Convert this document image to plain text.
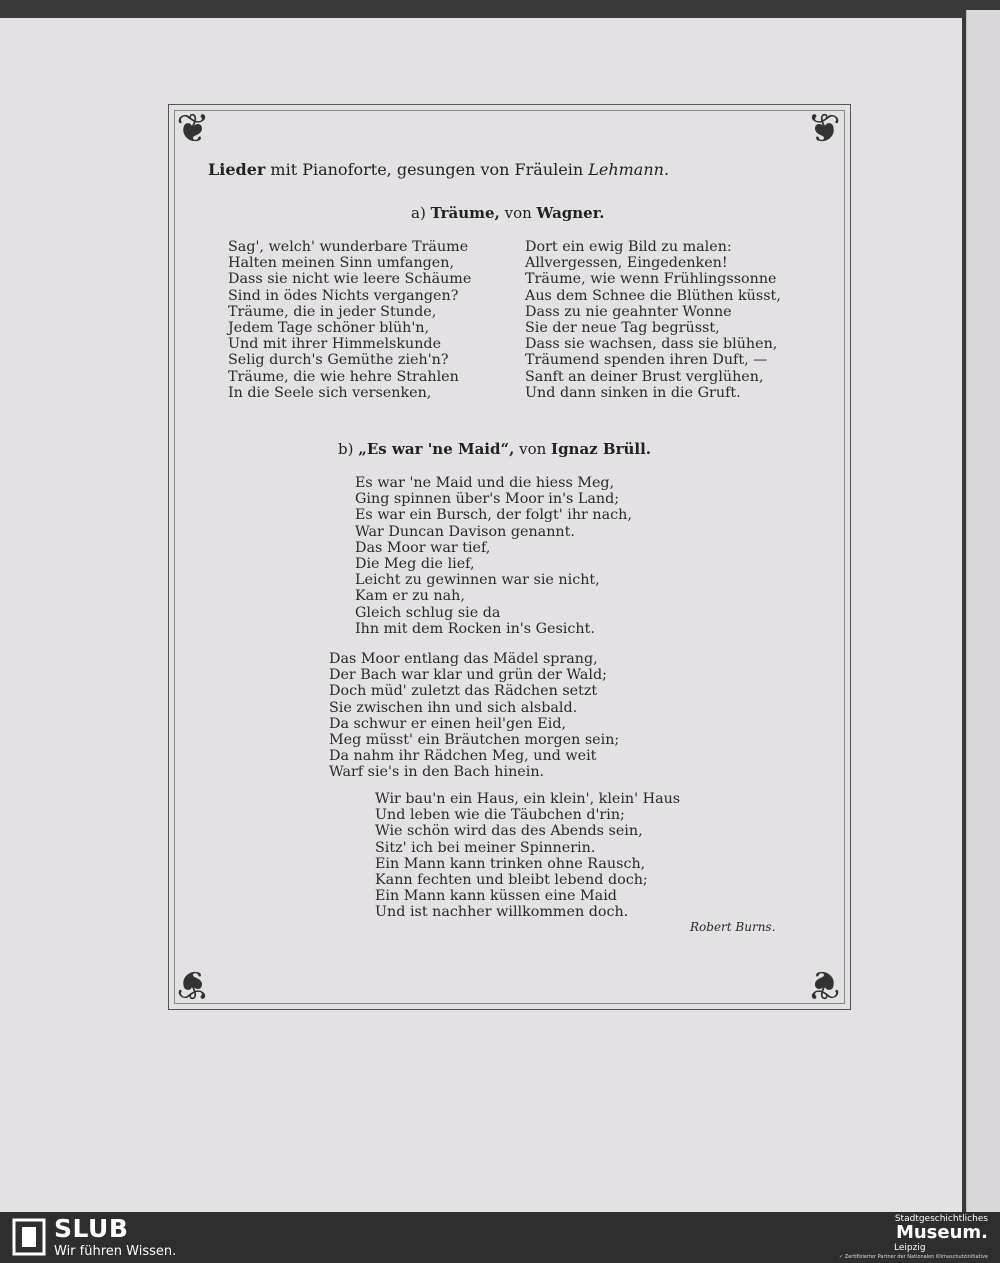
❦	❦
❦	❦
Lieder mit Pianoforte, gesungen von Fräulein Lehmann.
a) Träume, von Wagner.
Sag', welch' wunderbare Träume
Halten meinen Sinn umfangen,
Dass sie nicht wie leere Schäume
Sind in ödes Nichts vergangen?
Träume, die in jeder Stunde,
Jedem Tage schöner blüh'n,
Und mit ihrer Himmelskunde
Selig durch's Gemüthe zieh'n?
Träume, die wie hehre Strahlen
In die Seele sich versenken,
Dort ein ewig Bild zu malen:
Allvergessen, Eingedenken!
Träume, wie wenn Frühlingssonne
Aus dem Schnee die Blüthen küsst,
Dass zu nie geahnter Wonne
Sie der neue Tag begrüsst,
Dass sie wachsen, dass sie blühen,
Träumend spenden ihren Duft, —
Sanft an deiner Brust verglühen,
Und dann sinken in die Gruft.
b) „Es war 'ne Maid“, von Ignaz Brüll.
Es war 'ne Maid und die hiess Meg,
Ging spinnen über's Moor in's Land;
Es war ein Bursch, der folgt' ihr nach,
War Duncan Davison genannt.
Das Moor war tief,
Die Meg die lief,
Leicht zu gewinnen war sie nicht,
Kam er zu nah,
Gleich schlug sie da
Ihn mit dem Rocken in's Gesicht.
Das Moor entlang das Mädel sprang,
Der Bach war klar und grün der Wald;
Doch müd' zuletzt das Rädchen setzt
Sie zwischen ihn und sich alsbald.
Da schwur er einen heil'gen Eid,
Meg müsst' ein Bräutchen morgen sein;
Da nahm ihr Rädchen Meg, und weit
Warf sie's in den Bach hinein.
Wir bau'n ein Haus, ein klein', klein' Haus
Und leben wie die Täubchen d'rin;
Wie schön wird das des Abends sein,
Sitz' ich bei meiner Spinnerin.
Ein Mann kann trinken ohne Rausch,
Kann fechten und bleibt lebend doch;
Ein Mann kann küssen eine Maid
Und ist nachher willkommen doch.
Robert Burns.
SLUB
Wir führen Wissen.
Stadtgeschichtliches
Museum.
Leipzig
✓ Zertifizierter Partner der Nationalen Klimaschutzinitiative
